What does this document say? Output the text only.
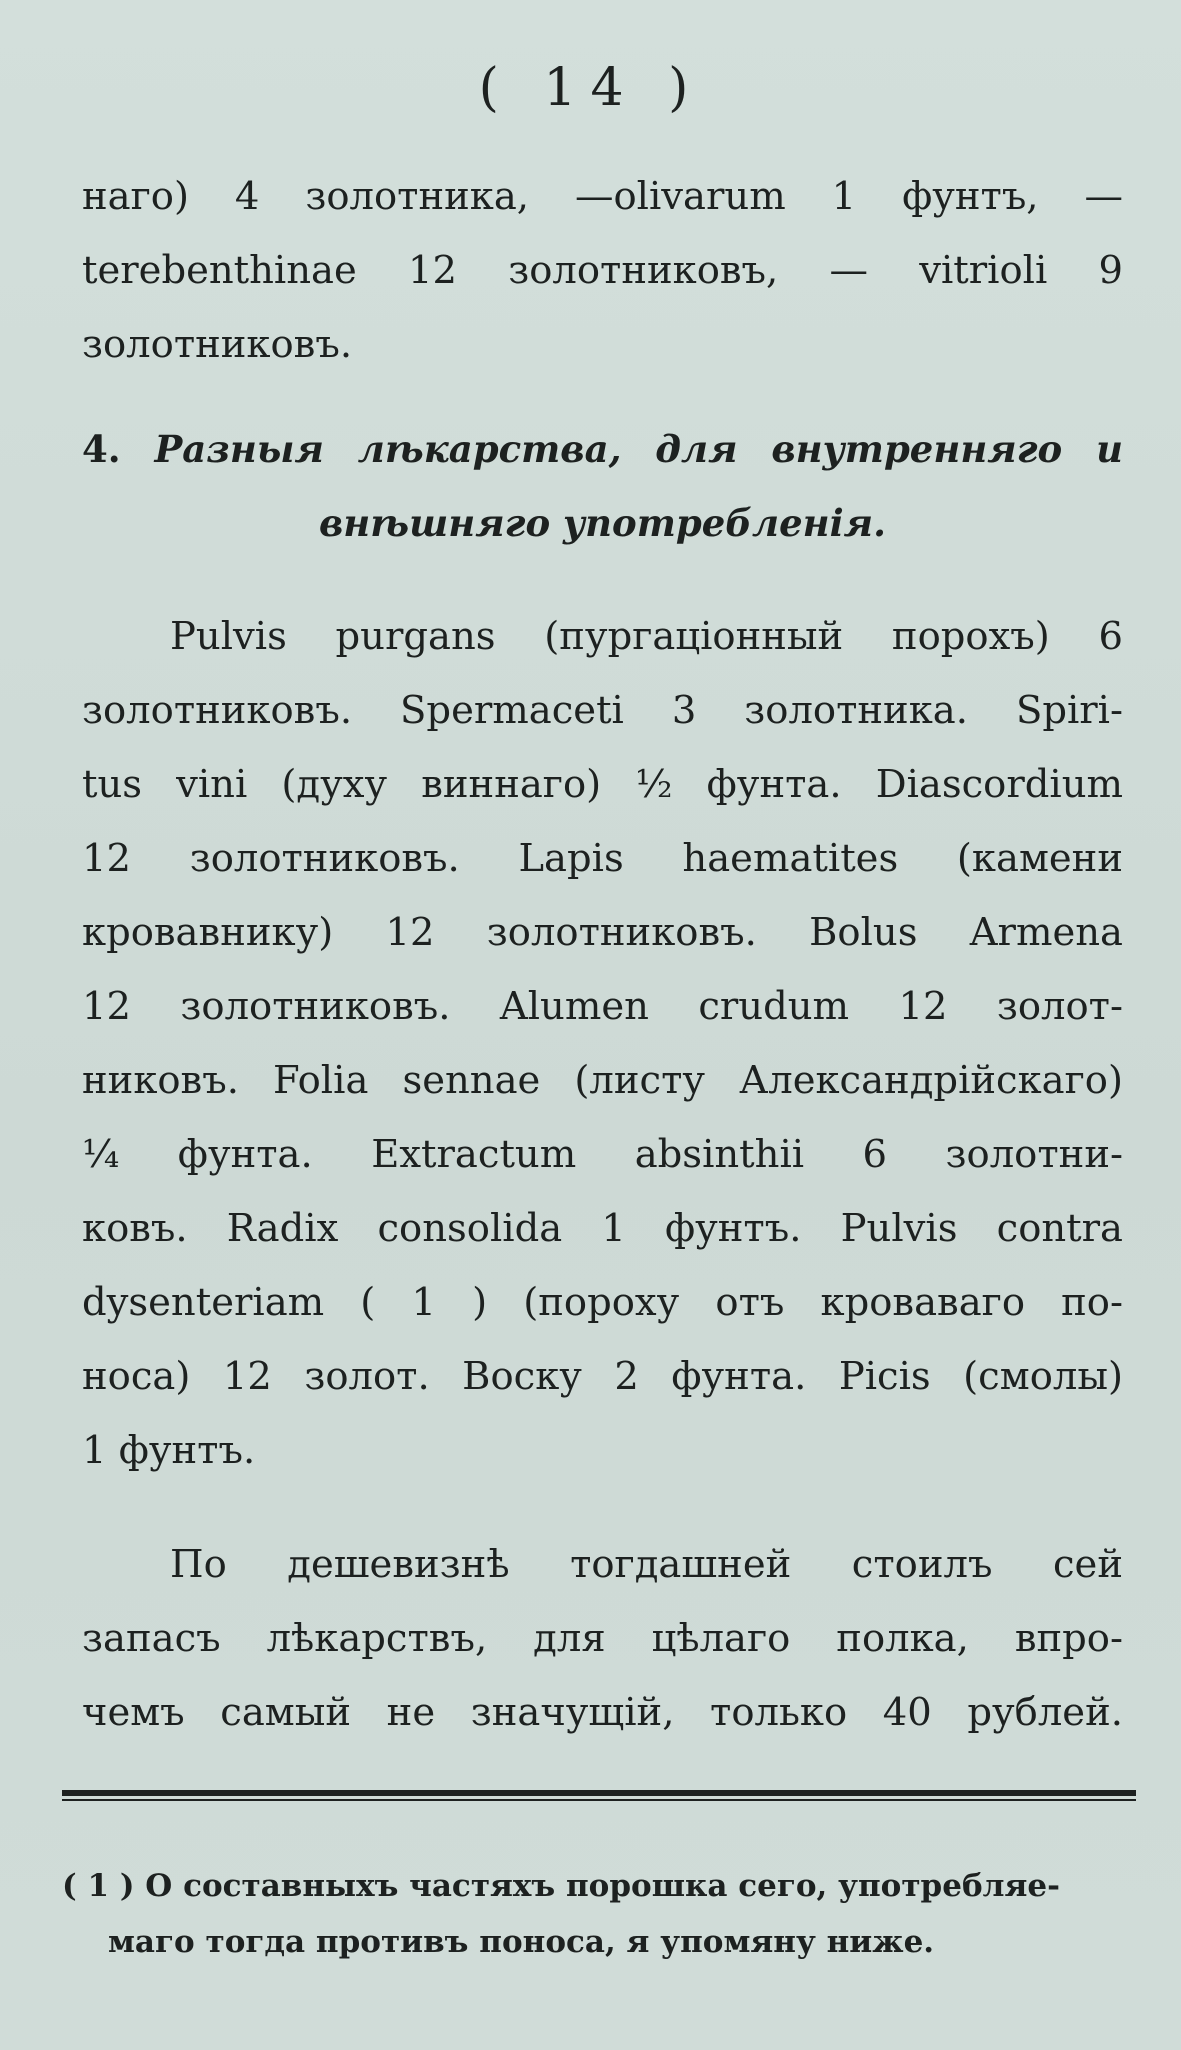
( 14 )
наго) 4 золотника, —olivarum 1 фунтъ, —
terebenthinae 12 золотниковъ, — vitrioli 9
золотниковъ.
4. Разныя лѣкарства, для внутренняго и
внѣшняго употребленія.
Pulvis purgans (пургаціонный порохъ) 6
золотниковъ. Spermaceti 3 золотника. Spiri-
tus vini (духу виннаго) ½ фунта. Diascordium
12 золотниковъ. Lapis haematites (камени
кровавнику) 12 золотниковъ. Bolus Armena
12 золотниковъ. Alumen crudum 12 золот-
никовъ. Folia sennae (листу Александрійскаго)
¼ фунта. Extractum absinthii 6 золотни-
ковъ. Radix consolida 1 фунтъ. Pulvis contra
dysenteriam ( 1 ) (пороху отъ кроваваго по-
носа) 12 золот. Воску 2 фунта. Picis (смолы)
1 фунтъ.
По дешевизнѣ тогдашней стоилъ сей
запасъ лѣкарствъ, для цѣлаго полка, впро-
чемъ самый не значущій, только 40 рублей.
( 1 ) О составныхъ частяхъ порошка сего, употребляе-
маго тогда противъ поноса, я упомяну ниже.
